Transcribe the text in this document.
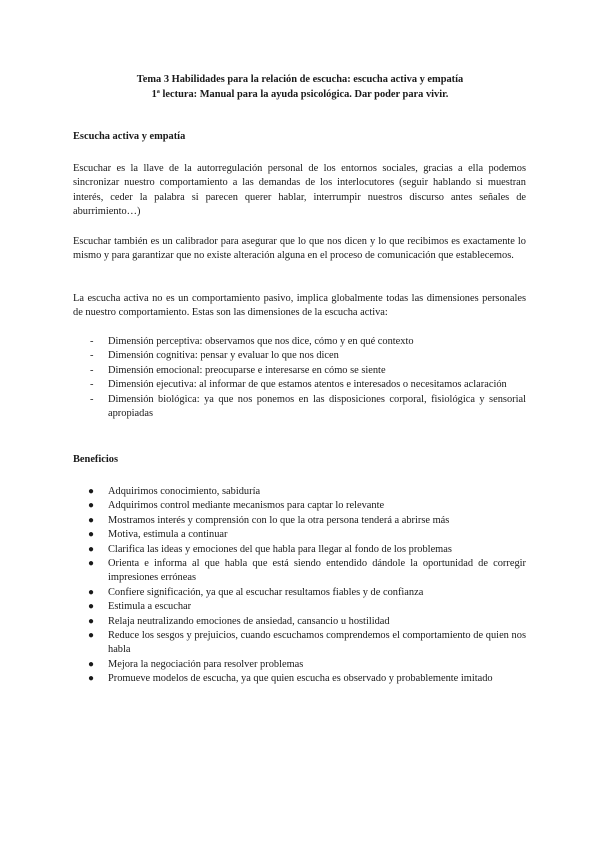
Tema 3 Habilidades para la relación de escucha: escucha activa y empatía
1ª lectura: Manual para la ayuda psicológica. Dar poder para vivir.
Escucha activa y empatía
Escuchar es la llave de la autorregulación personal de los entornos sociales, gracias a ella podemos sincronizar nuestro comportamiento a las demandas de los interlocutores (seguir hablando si muestran interés, ceder la palabra si parecen querer hablar, interrumpir nuestros discurso antes señales de aburrimiento…)
Escuchar también es un calibrador para asegurar que lo que nos dicen y lo que recibimos es exactamente lo mismo y para garantizar que no existe alteración alguna en el proceso de comunicación que establecemos.
La escucha activa no es un comportamiento pasivo, implica globalmente todas las dimensiones personales de nuestro comportamiento. Estas son las dimensiones de la escucha activa:
- Dimensión perceptiva: observamos que nos dice, cómo y en qué contexto
- Dimensión cognitiva: pensar y evaluar lo que nos dicen
- Dimensión emocional: preocuparse e interesarse en cómo se siente
- Dimensión ejecutiva: al informar de que estamos atentos e interesados o necesitamos aclaración
- Dimensión biológica: ya que nos ponemos en las disposiciones corporal, fisiológica y sensorial apropiadas
Beneficios
● Adquirimos conocimiento, sabiduría
● Adquirimos control mediante mecanismos para captar lo relevante
● Mostramos interés y comprensión con lo que la otra persona tenderá a abrirse más
● Motiva, estimula a continuar
● Clarifica las ideas y emociones del que habla para llegar al fondo de los problemas
● Orienta e informa al que habla que está siendo entendido dándole la oportunidad de corregir impresiones erróneas
● Confiere significación, ya que al escuchar resultamos fiables y de confianza
● Estimula a escuchar
● Relaja neutralizando emociones de ansiedad, cansancio u hostilidad
● Reduce los sesgos y prejuicios, cuando escuchamos comprendemos el comportamiento de quien nos habla
● Mejora la negociación para resolver problemas
● Promueve modelos de escucha, ya que quien escucha es observado y probablemente imitado
